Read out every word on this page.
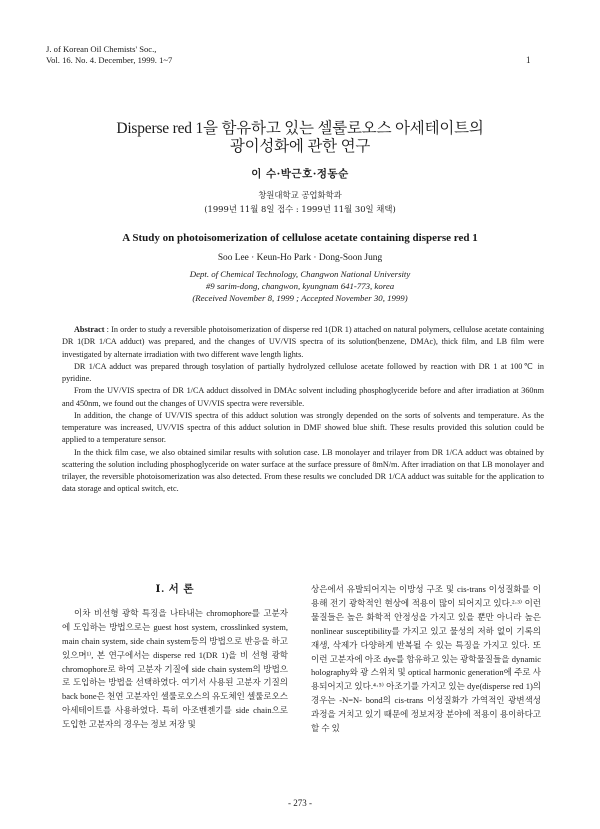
J. of Korean Oil Chemists' Soc.,
Vol. 16. No. 4. December, 1999. 1~7	1
Disperse red 1을 함유하고 있는 셀룰로오스 아세테이트의
광이성화에 관한 연구
이 수·박근호·정동순
창원대학교 공업화학과
(1999년 11월 8일 접수 : 1999년 11월 30일 채택)
A Study on photoisomerization of cellulose acetate containing disperse red 1
Soo Lee · Keun-Ho Park · Dong-Soon Jung
Dept. of Chemical Technology, Changwon National University
#9 sarim-dong, changwon, kyungnam 641-773, korea
(Received November 8, 1999 ; Accepted November 30, 1999)

Abstract : In order to study a reversible photoisomerization of disperse red 1(DR 1) attached on natural polymers, cellulose acetate containing DR 1(DR 1/CA adduct) was prepared, and the changes of UV/VIS spectra of its solution(benzene, DMAc), thick film, and LB film were investigated by alternate irradiation with two different wave length lights.

DR 1/CA adduct was prepared through tosylation of partially hydrolyzed cellulose acetate followed by reaction with DR 1 at 100℃ in pyridine.

From the UV/VIS spectra of DR 1/CA adduct dissolved in DMAc solvent including phosphoglyceride before and after irradiation at 360nm and 450nm, we found out the changes of UV/VIS spectra were reversible.

In addition, the change of UV/VIS spectra of this adduct solution was strongly depended on the sorts of solvents and temperature. As the temperature was increased, UV/VIS spectra of this adduct solution in DMF showed blue shift. These results provided this solution could be applied to a temperature sensor.

In the thick film case, we also obtained similar results with solution case. LB monolayer and trilayer from DR 1/CA adduct was obtained by scattering the solution including phosphoglyceride on water surface at the surface pressure of 8mN/m. After irradiation on that LB monolayer and trilayer, the reversible photoisomerization was also detected. From these results we concluded DR 1/CA adduct was suitable for the application to data storage and optical switch, etc.

Ⅰ. 서 론

이차 비선형 광학 특징을 나타내는 chromophore를 고분자에 도입하는 방법으로는 guest host system, crosslinked system, main chain system, side chain system등의 방법으로 반응을 하고 있으며¹⁾, 본 연구에서는 disperse red 1(DR 1)을 비 선형 광학 chromophore로 하여 고분자 기질에 side chain system의 방법으로 도입하는 방법을 선택하였다. 여기서 사용된 고분자 기질의 back bone은 천연 고분자인 셀룰로오스의 유도체인 셀룰로오스 아세테이트를 사용하였다. 특히 아조벤젠기를 side chain으로 도입한 고분자의 경우는 정보 저장 및

상은에서 유발되어지는 이방성 구조 및 cis-trans 이성질화를 이용해 전기 광학적인 현상에 적용이 많이 되어지고 있다.²·³⁾ 이런 물질들은 높은 화학적 안정성을 가지고 있을 뿐만 아니라 높은 nonlinear susceptibility를 가지고 있고 물성의 저하 없이 기록의 재생, 삭제가 다양하게 반복될 수 있는 특징을 가지고 있다. 또 이런 고분자에 아조 dye를 함유하고 있는 광학물질들을 dynamic holography와 광 스위치 및 optical harmonic generation에 주로 사용되어지고 있다.⁴·⁵⁾ 아조기를 가지고 있는 dye(disperse red 1)의 경우는 -N=N- bond의 cis-trans 이성질화가 가역적인 광변색성 과정을 거치고 있기 때문에 정보저장 분야에 적용이 용이하다고 할 수 있

- 273 -
